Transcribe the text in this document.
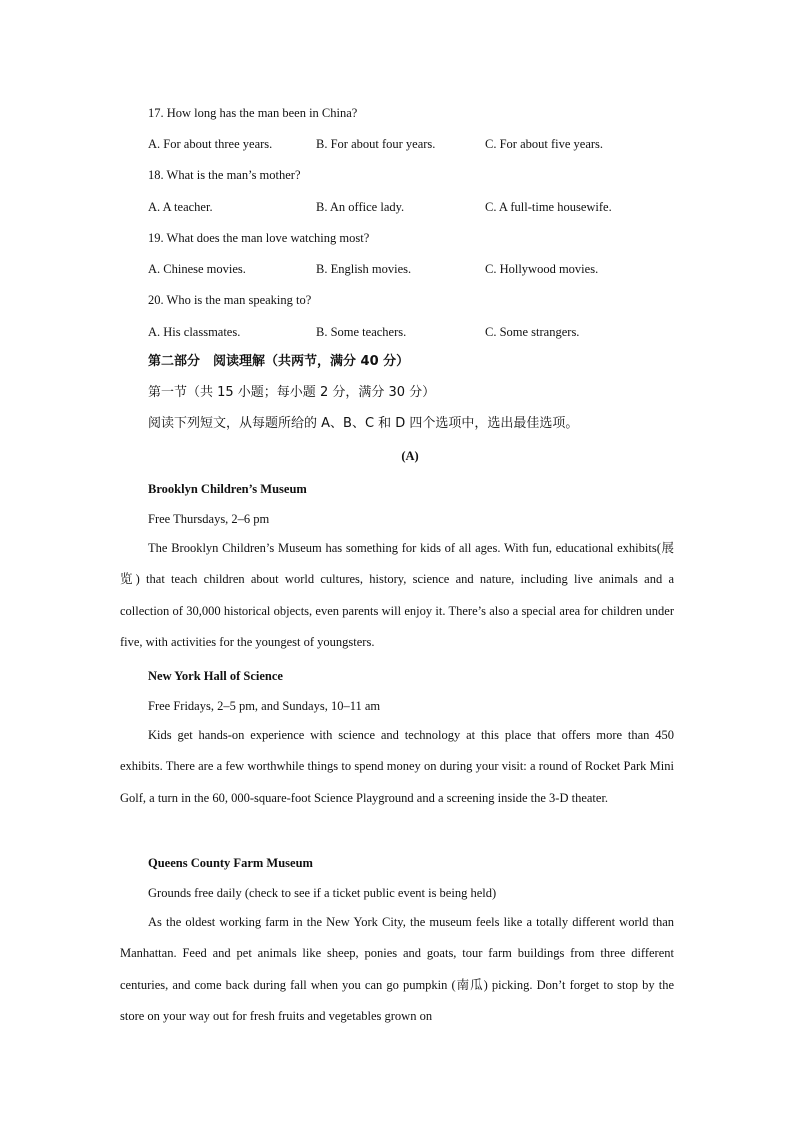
17. How long has the man been in China?
A. For about three years.	B. For about four years.	C. For about five years.
18. What is the man’s mother?
A. A teacher.	B. An office lady.	C. A full-time housewife.
19. What does the man love watching most?
A. Chinese movies.	B. English movies.	C. Hollywood movies.
20. Who is the man speaking to?
A. His classmates.	B. Some teachers.	C. Some strangers.
第二部分　阅读理解（共两节，满分 40 分）
第一节（共 15 小题；每小题 2 分，满分 30 分）
阅读下列短文，从每题所给的 A、B、C 和 D 四个选项中，选出最佳选项。
(A)
Brooklyn Children’s Museum
Free Thursdays, 2–6 pm
The Brooklyn Children’s Museum has something for kids of all ages. With fun, educational exhibits(展览) that teach children about world cultures, history, science and nature, including live animals and a collection of 30,000 historical objects, even parents will enjoy it. There’s also a special area for children under five, with activities for the youngest of youngsters.
New York Hall of Science
Free Fridays, 2–5 pm, and Sundays, 10–11 am
Kids get hands-on experience with science and technology at this place that offers more than 450 exhibits. There are a few worthwhile things to spend money on during your visit: a round of Rocket Park Mini Golf, a turn in the 60, 000-square-foot Science Playground and a screening inside the 3-D theater.
Queens County Farm Museum
Grounds free daily (check to see if a ticket public event is being held)
As the oldest working farm in the New York City, the museum feels like a totally different world than Manhattan. Feed and pet animals like sheep, ponies and goats, tour farm buildings from three different centuries, and come back during fall when you can go pumpkin (南瓜) picking. Don’t forget to stop by the store on your way out for fresh fruits and vegetables grown on
